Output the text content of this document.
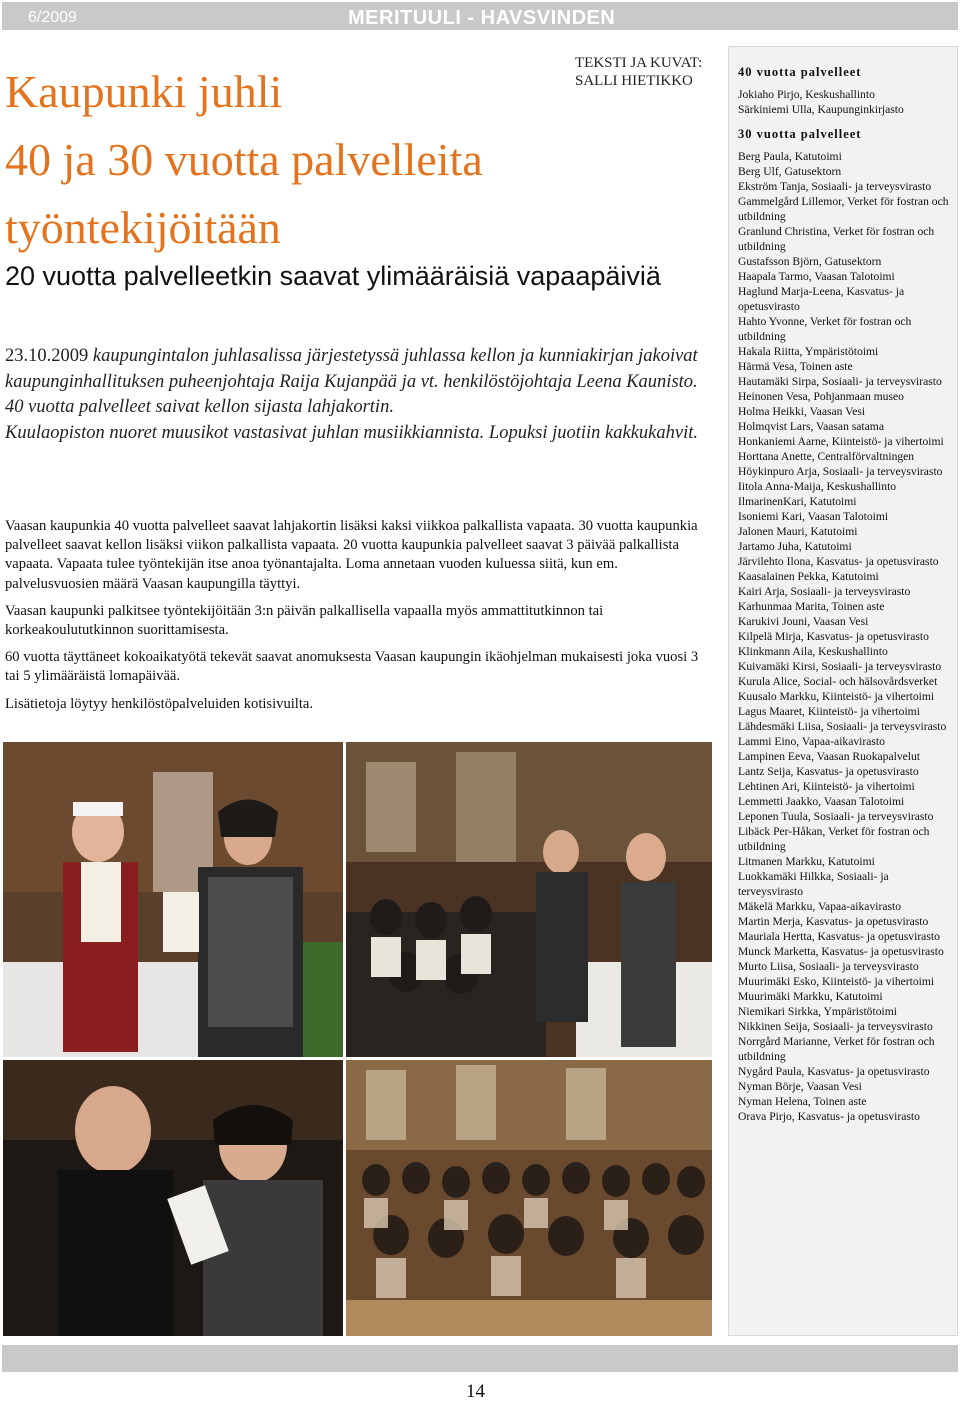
6/2009	MERITUULI - HAVSVINDEN
TEKSTI JA KUVAT:
SALLI HIETIKKO
Kaupunki juhli
40 ja 30 vuotta palvelleita
työntekijöitään
20 vuotta palvelleetkin saavat ylimääräisiä vapaapäiviä
23.10.2009 kaupungintalon juhlasalissa järjestetyssä juhlassa kellon ja kunniakirjan jakoivat kaupunginhallituksen puheenjohtaja Raija Kujanpää ja vt. henkilöstöjohtaja Leena Kaunisto. 40 vuotta palvelleet saivat kellon sijasta lahjakortin.
Kuulaopiston nuoret muusikot vastasivat juhlan musiikkiannista. Lopuksi juotiin kakkukahvit.

Vaasan kaupunkia 40 vuotta palvelleet saavat lahjakortin lisäksi kaksi viikkoa palkallista vapaata. 30 vuotta kaupunkia palvelleet saavat kellon lisäksi viikon palkallista vapaata. 20 vuotta kaupunkia palvelleet saavat 3 päivää palkallista vapaata. Vapaata tulee työntekijän itse anoa työnantajalta. Loma annetaan vuoden kuluessa siitä, kun em. palvelusvuosien määrä Vaasan kaupungilla täyttyi.

Vaasan kaupunki palkitsee työntekijöitään 3:n päivän palkallisella vapaalla myös ammattitutkinnon tai korkeakoulututkinnon suorittamisesta.

60 vuotta täyttäneet kokoaikatyötä tekevät saavat anomuksesta Vaasan kaupungin ikäohjelman mukaisesti joka vuosi 3 tai 5 ylimääräistä lomapäivää.

Lisätietoja löytyy henkilöstöpalveluiden kotisivuilta.

40 vuotta palvelleet
Jokiaho Pirjo, Keskushallinto
Särkiniemi Ulla, Kaupunginkirjasto
30 vuotta palvelleet
Berg Paula, Katutoimi
Berg Ulf, Gatusektorn
Ekström Tanja, Sosiaali- ja terveysvirasto
Gammelgård Lillemor, Verket för fostran och utbildning
Granlund Christina, Verket för fostran och utbildning
Gustafsson Björn, Gatusektorn
Haapala Tarmo, Vaasan Talotoimi
Haglund Marja-Leena, Kasvatus- ja opetusvirasto
Hahto Yvonne, Verket för fostran och utbildning
Hakala Riitta, Ympäristötoimi
Härmä Vesa, Toinen aste
Hautamäki Sirpa, Sosiaali- ja terveysvirasto
Heinonen Vesa, Pohjanmaan museo
Holma Heikki, Vaasan Vesi
Holmqvist Lars, Vaasan satama
Honkaniemi Aarne, Kiinteistö- ja vihertoimi
Horttana Anette, Centralförvaltningen
Höykinpuro Arja, Sosiaali- ja terveysvirasto
Iitola Anna-Maija, Keskushallinto
IlmarinenKari, Katutoimi
Isoniemi Kari, Vaasan Talotoimi
Jalonen Mauri, Katutoimi
Jartamo Juha, Katutoimi
Järvilehto Ilona, Kasvatus- ja opetusvirasto
Kaasalainen Pekka, Katutoimi
Kairi Arja, Sosiaali- ja terveysvirasto
Karhunmaa Marita, Toinen aste
Karukivi Jouni, Vaasan Vesi
Kilpelä Mirja, Kasvatus- ja opetusvirasto
Klinkmann Aila, Keskushallinto
Kuivamäki Kirsi, Sosiaali- ja terveysvirasto
Kurula Alice, Social- och hälsovårdsverket
Kuusalo Markku, Kiinteistö- ja vihertoimi
Lagus Maaret, Kiinteistö- ja vihertoimi
Lähdesmäki Liisa, Sosiaali- ja terveysvirasto
Lammi Eino, Vapaa-aikavirasto
Lampinen Eeva, Vaasan Ruokapalvelut
Lantz Seija, Kasvatus- ja opetusvirasto
Lehtinen Ari, Kiinteistö- ja vihertoimi
Lemmetti Jaakko, Vaasan Talotoimi
Leponen Tuula, Sosiaali- ja terveysvirasto
Libäck Per-Håkan, Verket för fostran och utbildning
Litmanen Markku, Katutoimi
Luokkamäki Hilkka, Sosiaali- ja terveysvirasto
Mäkelä Markku, Vapaa-aikavirasto
Martin Merja, Kasvatus- ja opetusvirasto
Mauriala Hertta, Kasvatus- ja opetusvirasto
Munck Marketta, Kasvatus- ja opetusvirasto
Murto Liisa, Sosiaali- ja terveysvirasto
Muurimäki Esko, Kiinteistö- ja vihertoimi
Muurimäki Markku, Katutoimi
Niemikari Sirkka, Ympäristötoimi
Nikkinen Seija, Sosiaali- ja terveysvirasto
Norrgård Marianne, Verket för fostran och utbildning
Nygård Paula, Kasvatus- ja opetusvirasto
Nyman Börje, Vaasan Vesi
Nyman Helena, Toinen aste
Orava Pirjo, Kasvatus- ja opetusvirasto
14
